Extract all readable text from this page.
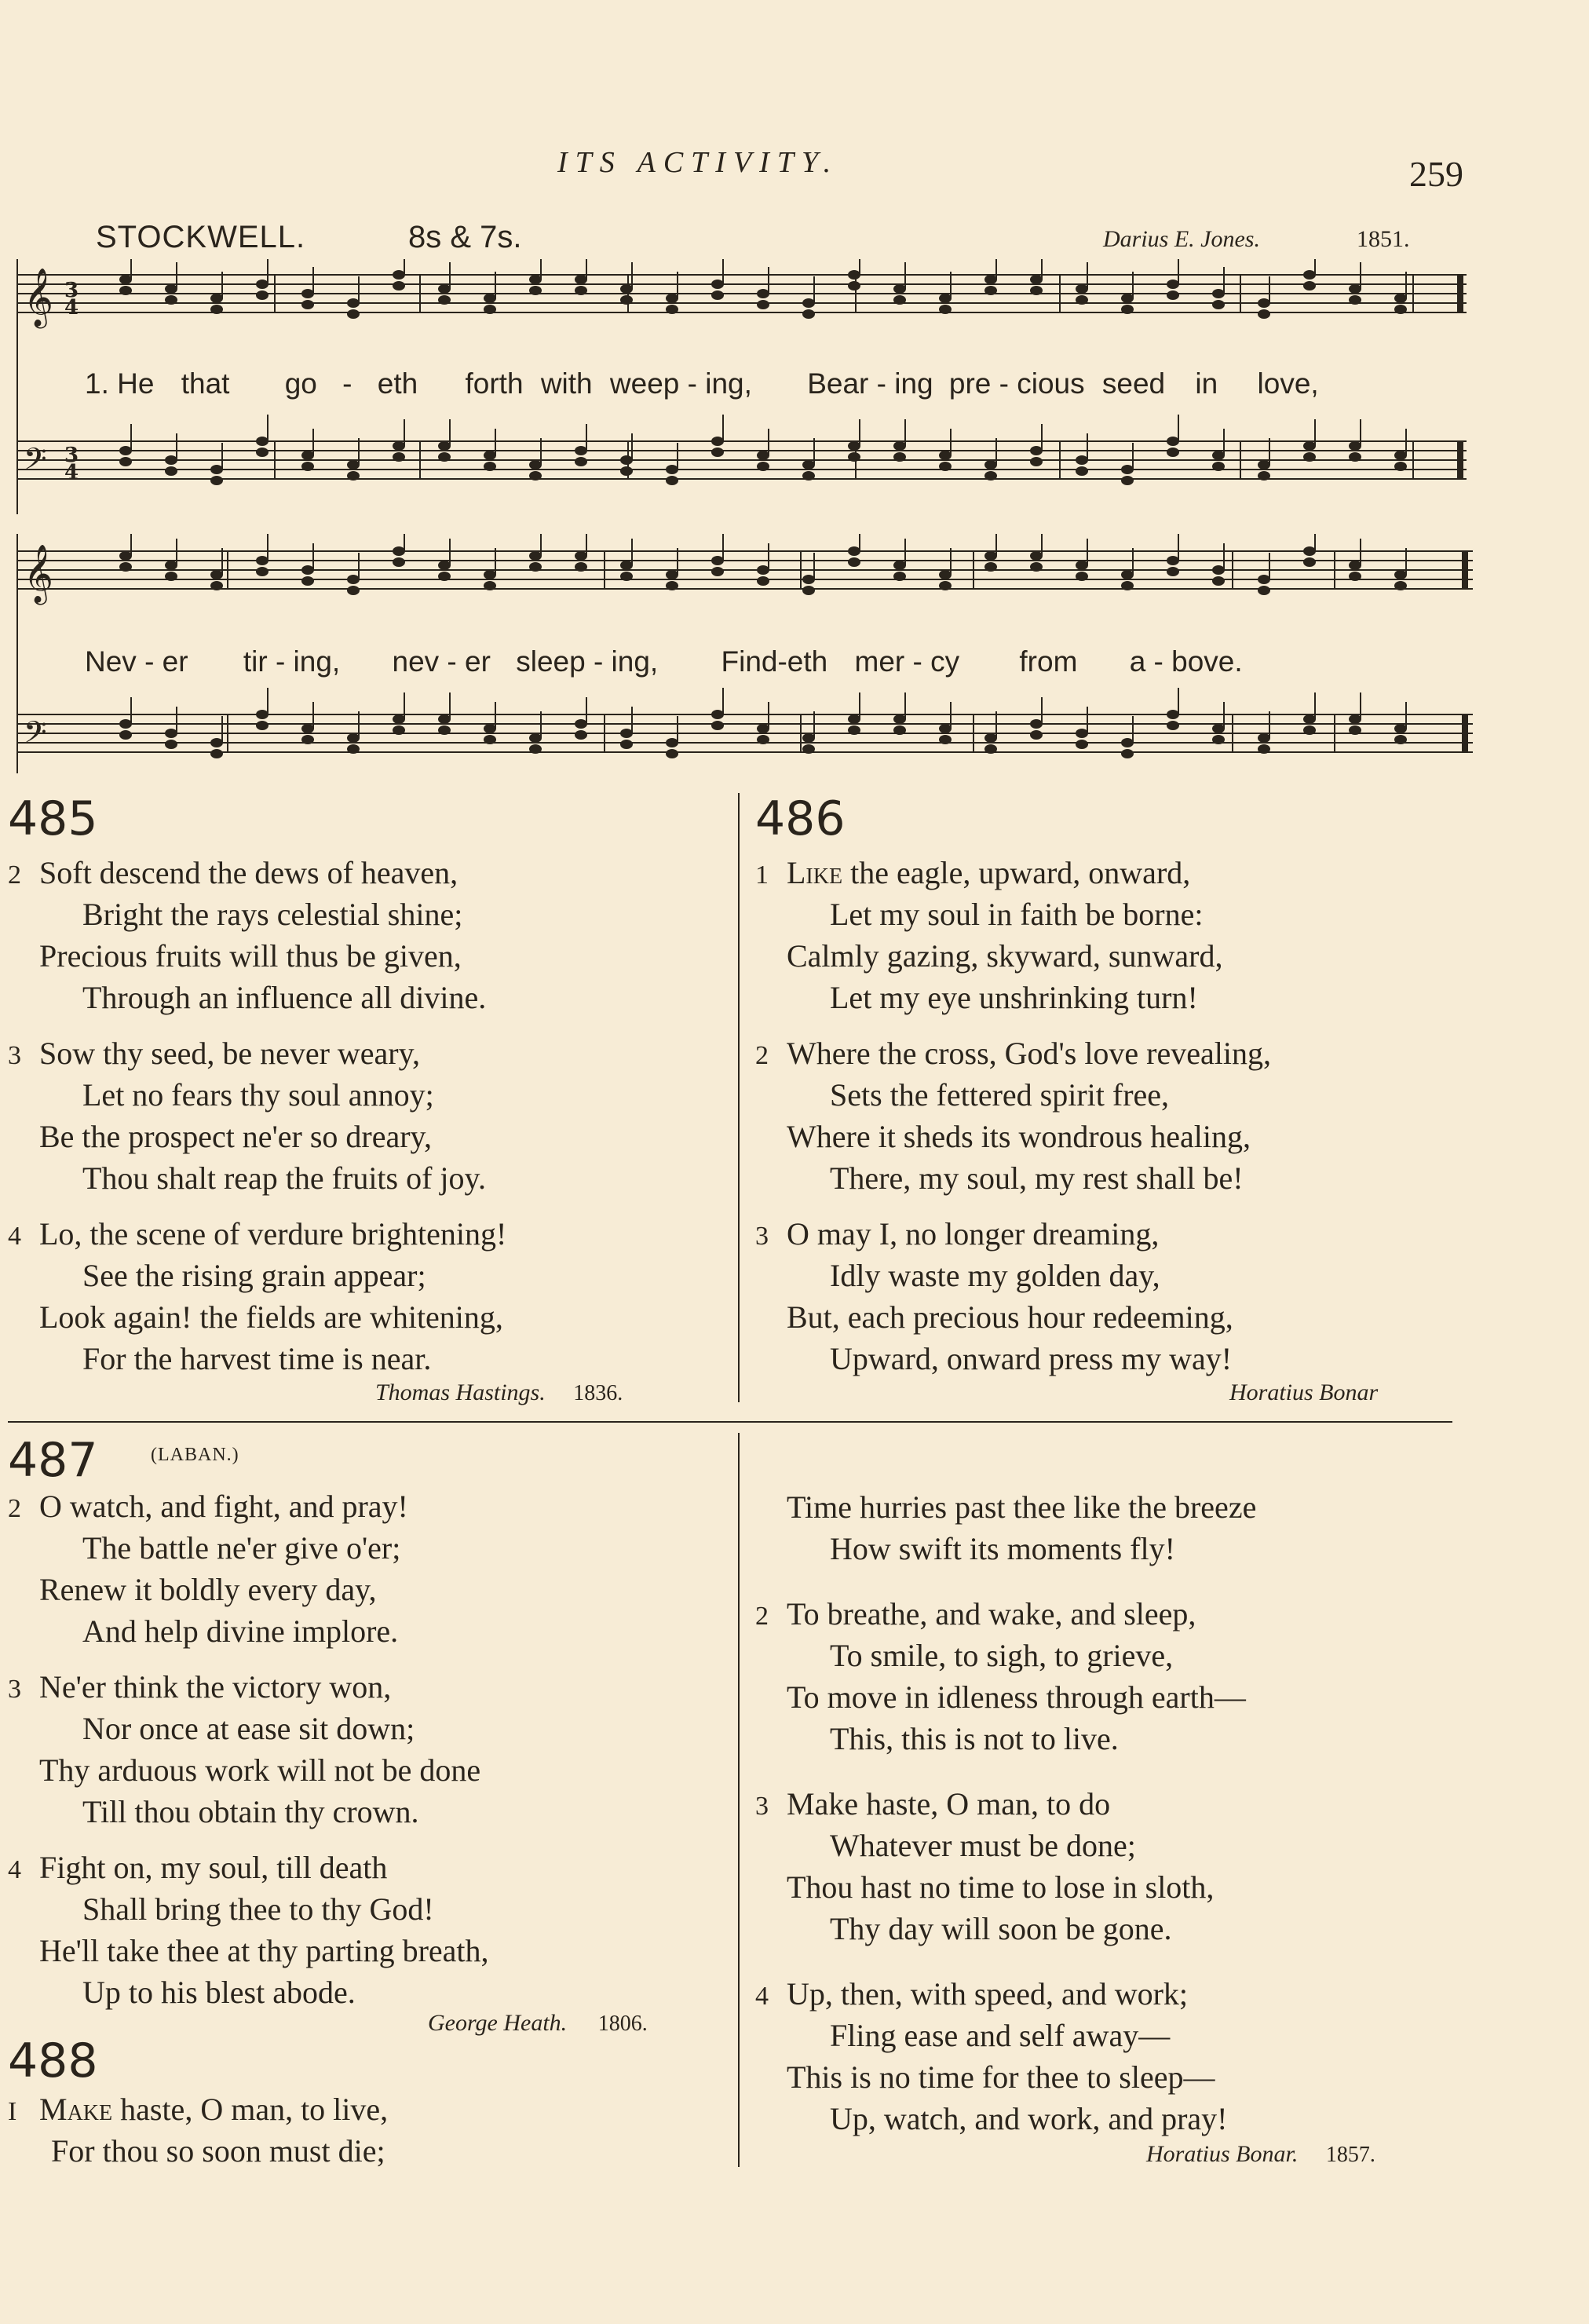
ITS ACTIVITY.	259
STOCKWELL.	8s & 7s.	Darius E. Jones.	1851.
𝄞
𝄢
3
4
3
4
1. He that go - eth forth with weep - ing, Bear - ing pre - cious seed in love,
𝄞
𝄢
Nev - er tir - ing, nev - er sleep - ing, Find-eth mer - cy from a - bove.
485
2 Soft descend the dews of heaven,
Bright the rays celestial shine;
Precious fruits will thus be given,
Through an influence all divine.
3 Sow thy seed, be never weary,
Let no fears thy soul annoy;
Be the prospect ne'er so dreary,
Thou shalt reap the fruits of joy.
4 Lo, the scene of verdure brightening!
See the rising grain appear;
Look again! the fields are whitening,
For the harvest time is near.
Thomas Hastings. 1836.
486
1 Like the eagle, upward, onward,
Let my soul in faith be borne:
Calmly gazing, skyward, sunward,
Let my eye unshrinking turn!
2 Where the cross, God's love revealing,
Sets the fettered spirit free,
Where it sheds its wondrous healing,
There, my soul, my rest shall be!
3 O may I, no longer dreaming,
Idly waste my golden day,
But, each precious hour redeeming,
Upward, onward press my way!
Horatius Bonar
487	(LABAN.)
2 O watch, and fight, and pray!
The battle ne'er give o'er;
Renew it boldly every day,
And help divine implore.
3 Ne'er think the victory won,
Nor once at ease sit down;
Thy arduous work will not be done
Till thou obtain thy crown.
4 Fight on, my soul, till death
Shall bring thee to thy God!
He'll take thee at thy parting breath,
Up to his blest abode.
George Heath. 1806.
488
I Make haste, O man, to live,
For thou so soon must die;
Time hurries past thee like the breeze
How swift its moments fly!
2 To breathe, and wake, and sleep,
To smile, to sigh, to grieve,
To move in idleness through earth—
This, this is not to live.
3 Make haste, O man, to do
Whatever must be done;
Thou hast no time to lose in sloth,
Thy day will soon be gone.
4 Up, then, with speed, and work;
Fling ease and self away—
This is no time for thee to sleep—
Up, watch, and work, and pray!
Horatius Bonar. 1857.
